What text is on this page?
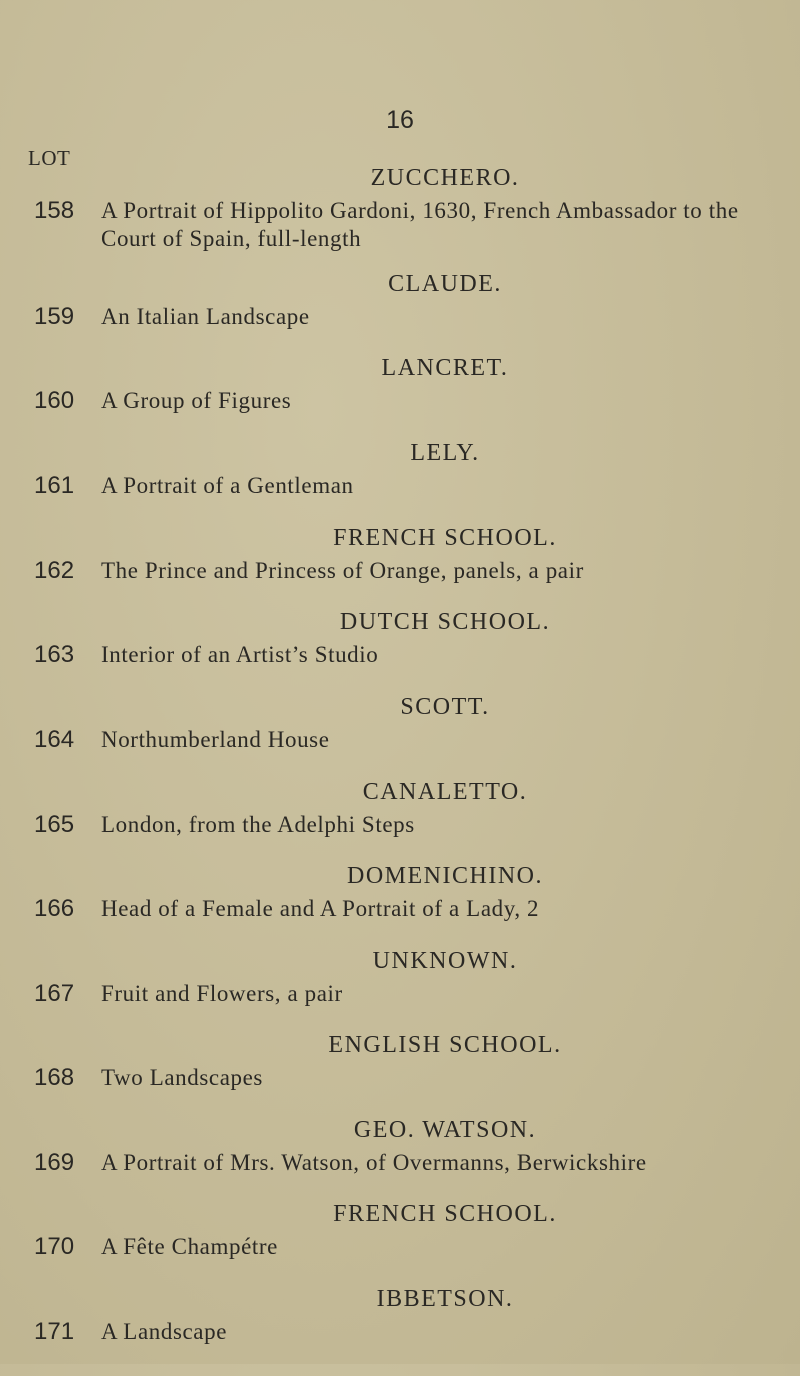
16
LOT
ZUCCHERO.
158 A Portrait of Hippolito Gardoni, 1630, French Ambassador to the Court of Spain, full-length
CLAUDE.
159 An Italian Landscape
LANCRET.
160 A Group of Figures
LELY.
161 A Portrait of a Gentleman
FRENCH SCHOOL.
162 The Prince and Princess of Orange, panels, a pair
DUTCH SCHOOL.
163 Interior of an Artist’s Studio
SCOTT.
164 Northumberland House
CANALETTO.
165 London, from the Adelphi Steps
DOMENICHINO.
166 Head of a Female and A Portrait of a Lady, 2
UNKNOWN.
167 Fruit and Flowers, a pair
ENGLISH SCHOOL.
168 Two Landscapes
GEO. WATSON.
169 A Portrait of Mrs. Watson, of Overmanns, Berwickshire
FRENCH SCHOOL.
170 A Fête Champétre
IBBETSON.
171 A Landscape
